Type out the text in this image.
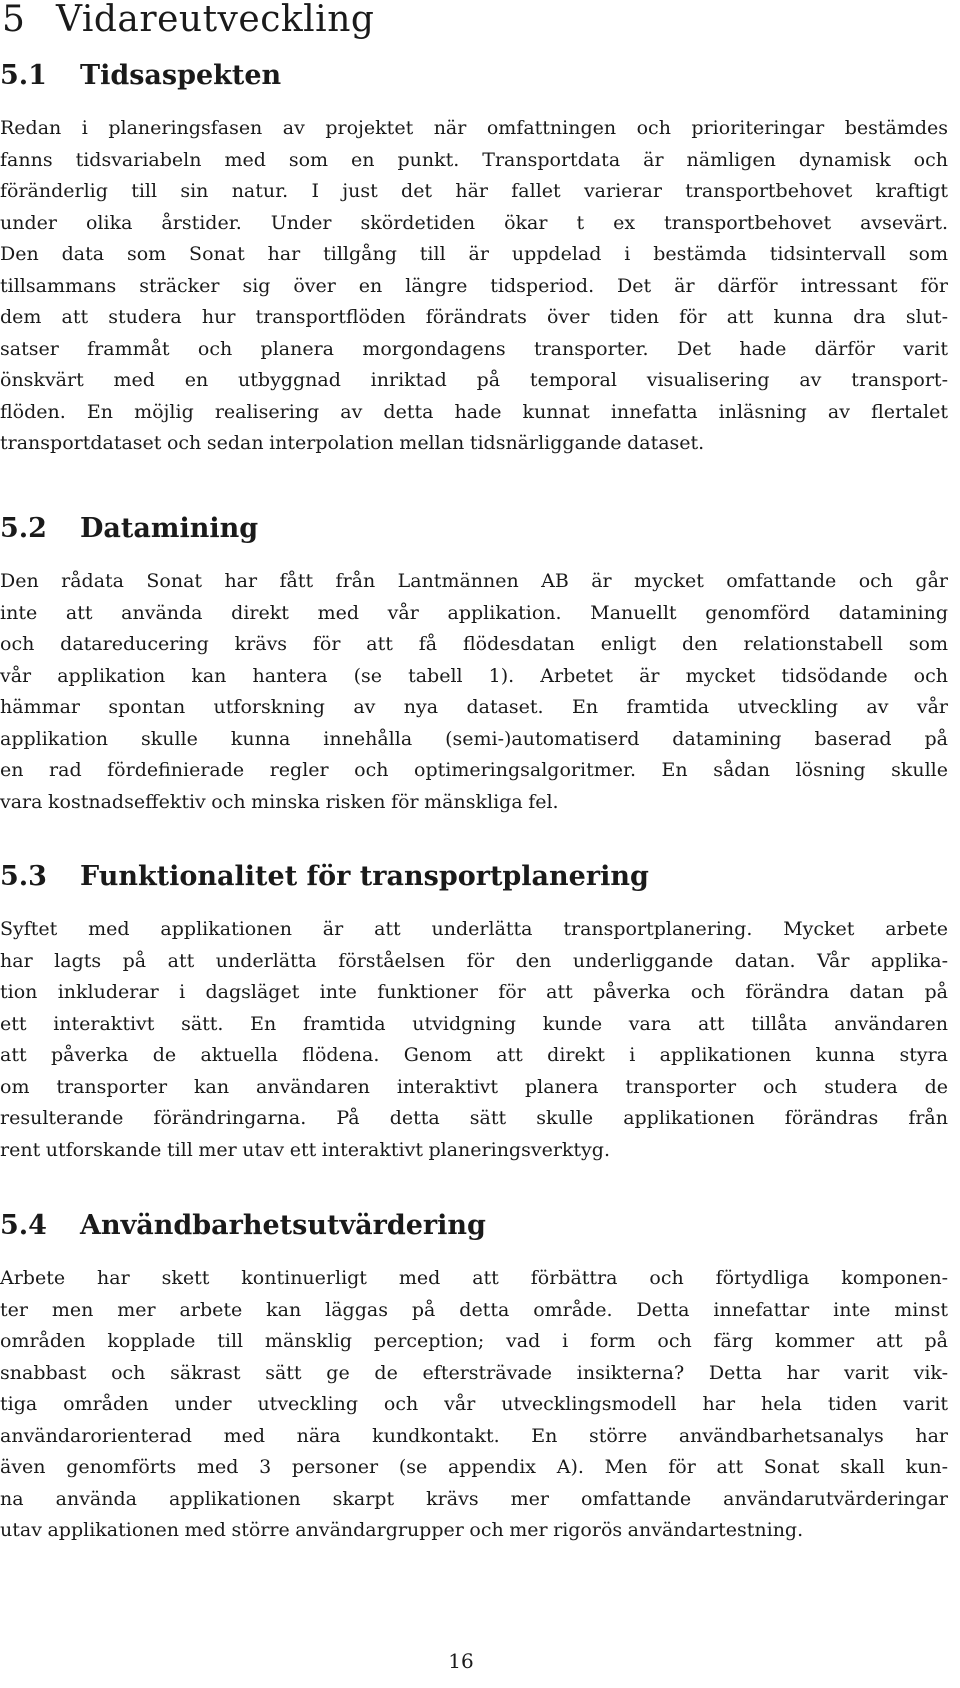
5 Vidareutveckling
5.1 Tidsaspekten
Redan i planeringsfasen av projektet när omfattningen och prioriteringar bestämdes
fanns tidsvariabeln med som en punkt. Transportdata är nämligen dynamisk och
föränderlig till sin natur. I just det här fallet varierar transportbehovet kraftigt
under olika årstider. Under skördetiden ökar t ex transportbehovet avsevärt.
Den data som Sonat har tillgång till är uppdelad i bestämda tidsintervall som
tillsammans sträcker sig över en längre tidsperiod. Det är därför intressant för
dem att studera hur transportflöden förändrats över tiden för att kunna dra slut-
satser frammåt och planera morgondagens transporter. Det hade därför varit
önskvärt med en utbyggnad inriktad på temporal visualisering av transport-
flöden. En möjlig realisering av detta hade kunnat innefatta inläsning av flertalet
transportdataset och sedan interpolation mellan tidsnärliggande dataset.
5.2 Datamining
Den rådata Sonat har fått från Lantmännen AB är mycket omfattande och går
inte att använda direkt med vår applikation. Manuellt genomförd datamining
och datareducering krävs för att få flödesdatan enligt den relationstabell som
vår applikation kan hantera (se tabell 1). Arbetet är mycket tidsödande och
hämmar spontan utforskning av nya dataset. En framtida utveckling av vår
applikation skulle kunna innehålla (semi-)automatiserd datamining baserad på
en rad fördefinierade regler och optimeringsalgoritmer. En sådan lösning skulle
vara kostnadseffektiv och minska risken för mänskliga fel.
5.3 Funktionalitet för transportplanering
Syftet med applikationen är att underlätta transportplanering. Mycket arbete
har lagts på att underlätta förståelsen för den underliggande datan. Vår applika-
tion inkluderar i dagsläget inte funktioner för att påverka och förändra datan på
ett interaktivt sätt. En framtida utvidgning kunde vara att tillåta användaren
att påverka de aktuella flödena. Genom att direkt i applikationen kunna styra
om transporter kan användaren interaktivt planera transporter och studera de
resulterande förändringarna. På detta sätt skulle applikationen förändras från
rent utforskande till mer utav ett interaktivt planeringsverktyg.
5.4 Användbarhetsutvärdering
Arbete har skett kontinuerligt med att förbättra och förtydliga komponen-
ter men mer arbete kan läggas på detta område. Detta innefattar inte minst
områden kopplade till mänsklig perception; vad i form och färg kommer att på
snabbast och säkrast sätt ge de eftersträvade insikterna? Detta har varit vik-
tiga områden under utveckling och vår utvecklingsmodell har hela tiden varit
användarorienterad med nära kundkontakt. En större användbarhetsanalys har
även genomförts med 3 personer (se appendix A). Men för att Sonat skall kun-
na använda applikationen skarpt krävs mer omfattande användarutvärderingar
utav applikationen med större användargrupper och mer rigorös användartestning.
16
